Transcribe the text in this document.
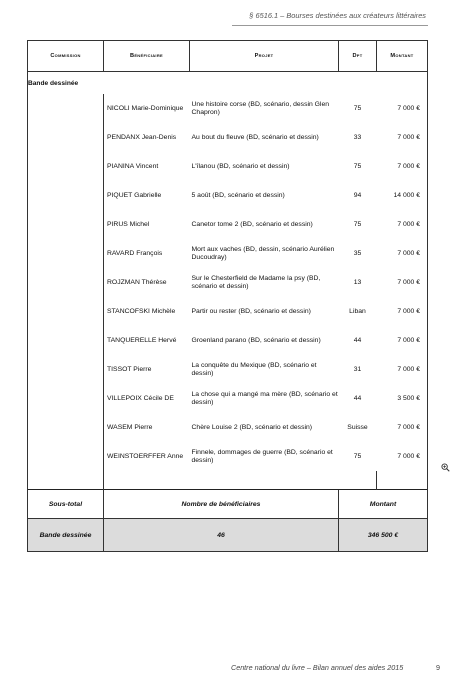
§ 6516.1 – Bourses destinées aux créateurs littéraires
Commission	Bénéficiaire	Projet	Dpt	Montant
Bande dessinée				
	NICOLI Marie-Dominique	Une histoire corse (BD, scénario, dessin Glen Chapron)	75	7 000 €
	PENDANX Jean-Denis	Au bout du fleuve (BD, scénario et dessin)	33	7 000 €
	PIANINA Vincent	L'îlanou (BD, scénario et dessin)	75	7 000 €
	PIQUET Gabrielle	5 août (BD, scénario et dessin)	94	14 000 €
	PIRUS Michel	Canetor tome 2 (BD, scénario et dessin)	75	7 000 €
	RAVARD François	Mort aux vaches (BD, dessin, scénario Aurélien Ducoudray)	35	7 000 €
	ROJZMAN Thérèse	Sur le Chesterfield de Madame la psy (BD, scénario et dessin)	13	7 000 €
	STANCOFSKI Michèle	Partir ou rester (BD, scénario et dessin)	Liban	7 000 €
	TANQUERELLE Hervé	Groenland parano (BD, scénario et dessin)	44	7 000 €
	TISSOT Pierre	La conquête du Mexique (BD, scénario et dessin)	31	7 000 €
	VILLEPOIX Cécile DE	La chose qui a mangé ma mère (BD, scénario et dessin)	44	3 500 €
	WASEM Pierre	Chère Louise 2 (BD, scénario et dessin)	Suisse	7 000 €
	WEINSTOERFFER Anne	Finnele, dommages de guerre (BD, scénario et dessin)	75	7 000 €

Sous-total	Nombre de bénéficiaires		Montant	
Bande dessinée	46		346 500 €	
Centre national du livre – Bilan annuel des aides 2015	9
